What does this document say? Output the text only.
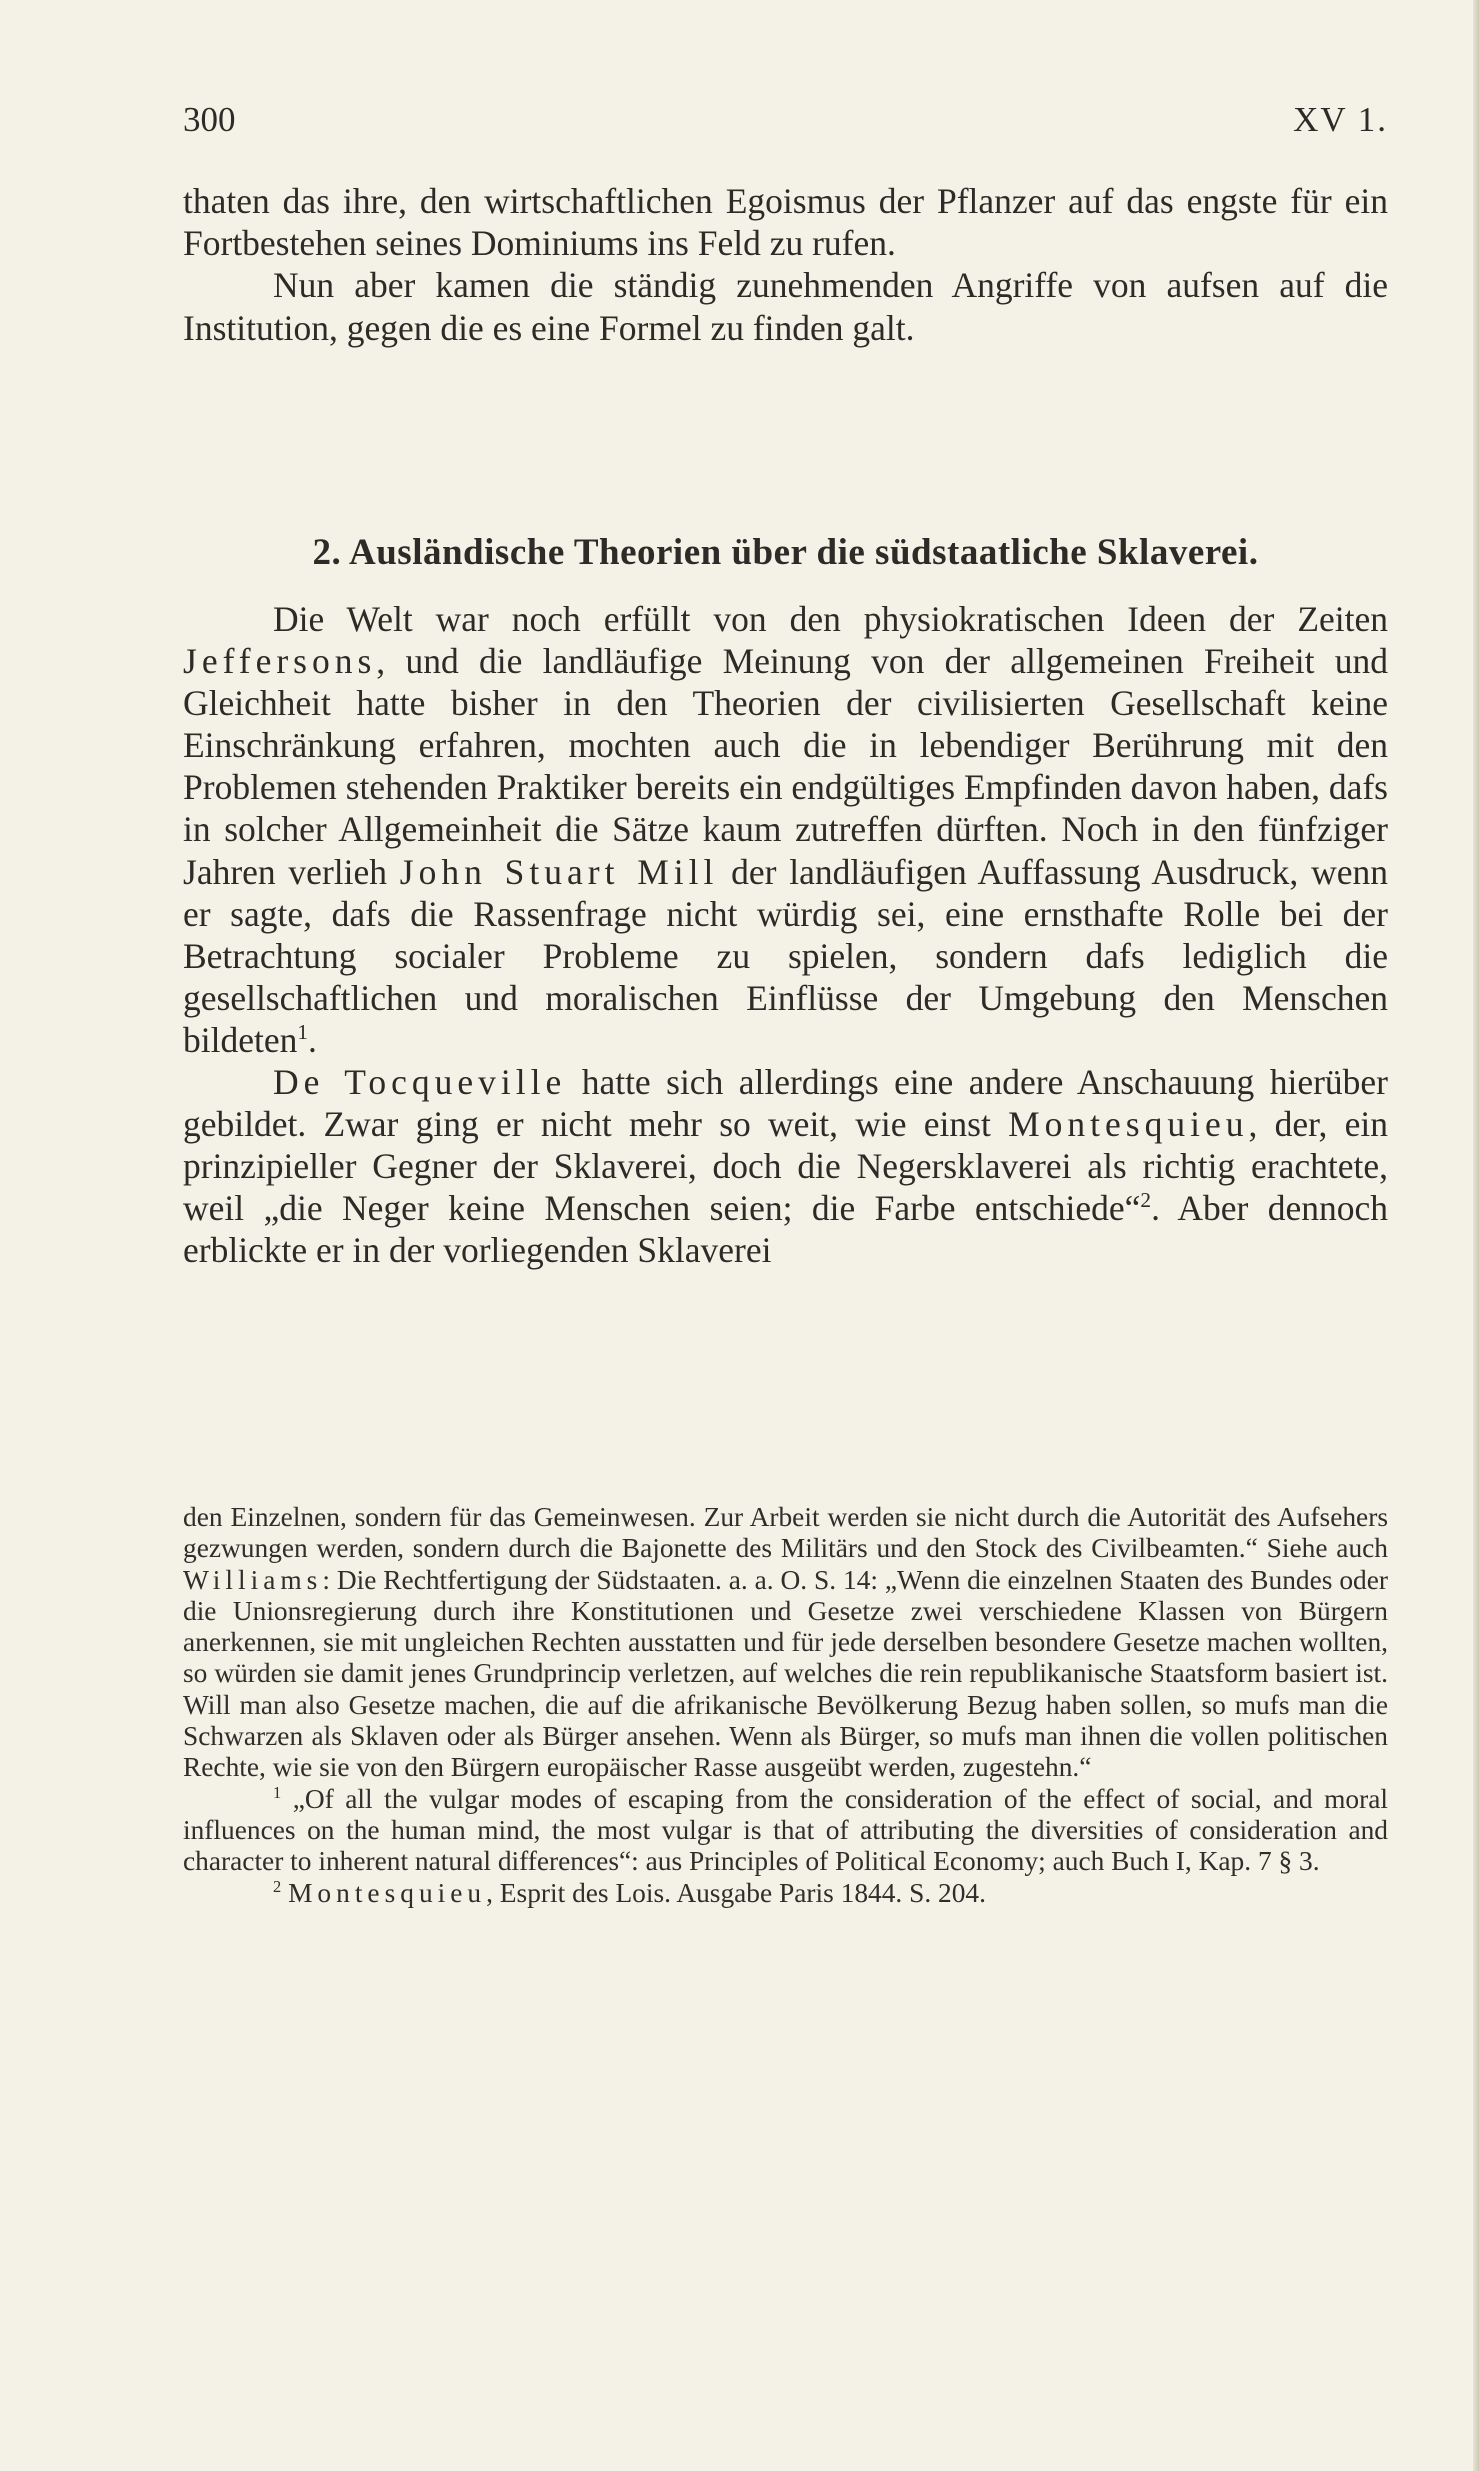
300	XV 1.

thaten das ihre, den wirtschaftlichen Egoismus der Pflanzer auf das engste für ein Fortbestehen seines Dominiums ins Feld zu rufen.

Nun aber kamen die ständig zunehmenden Angriffe von aufsen auf die Institution, gegen die es eine Formel zu finden galt.

2. Ausländische Theorien über die südstaatliche Sklaverei.

Die Welt war noch erfüllt von den physiokratischen Ideen der Zeiten Jeffersons, und die landläufige Meinung von der allgemeinen Freiheit und Gleichheit hatte bisher in den Theorien der civilisierten Gesellschaft keine Einschränkung erfahren, mochten auch die in lebendiger Berührung mit den Problemen stehenden Praktiker bereits ein endgültiges Empfinden davon haben, dafs in solcher Allgemeinheit die Sätze kaum zutreffen dürften. Noch in den fünfziger Jahren verlieh John Stuart Mill der landläufigen Auffassung Ausdruck, wenn er sagte, dafs die Rassenfrage nicht würdig sei, eine ernsthafte Rolle bei der Betrachtung socialer Probleme zu spielen, sondern dafs lediglich die gesellschaftlichen und moralischen Einflüsse der Umgebung den Menschen bildeten$^1$.

De Tocqueville hatte sich allerdings eine andere Anschauung hierüber gebildet. Zwar ging er nicht mehr so weit, wie einst Montesquieu, der, ein prinzipieller Gegner der Sklaverei, doch die Negersklaverei als richtig erachtete, weil „die Neger keine Menschen seien; die Farbe entschiede“$^2$. Aber dennoch erblickte er in der vorliegenden Sklaverei

den Einzelnen, sondern für das Gemeinwesen. Zur Arbeit werden sie nicht durch die Autorität des Aufsehers gezwungen werden, sondern durch die Bajonette des Militärs und den Stock des Civilbeamten.“ Siehe auch Williams: Die Rechtfertigung der Südstaaten. a. a. O. S. 14: „Wenn die einzelnen Staaten des Bundes oder die Unionsregierung durch ihre Konstitutionen und Gesetze zwei verschiedene Klassen von Bürgern anerkennen, sie mit ungleichen Rechten ausstatten und für jede derselben besondere Gesetze machen wollten, so würden sie damit jenes Grundprincip verletzen, auf welches die rein republikanische Staatsform basiert ist. Will man also Gesetze machen, die auf die afrikanische Bevölkerung Bezug haben sollen, so mufs man die Schwarzen als Sklaven oder als Bürger ansehen. Wenn als Bürger, so mufs man ihnen die vollen politischen Rechte, wie sie von den Bürgern europäischer Rasse ausgeübt werden, zugestehn.“

$^1$ „Of all the vulgar modes of escaping from the consideration of the effect of social, and moral influences on the human mind, the most vulgar is that of attributing the diversities of consideration and character to inherent natural differences“: aus Principles of Political Economy; auch Buch I, Kap. 7 § 3.

$^2$ Montesquieu, Esprit des Lois. Ausgabe Paris 1844. S. 204.
